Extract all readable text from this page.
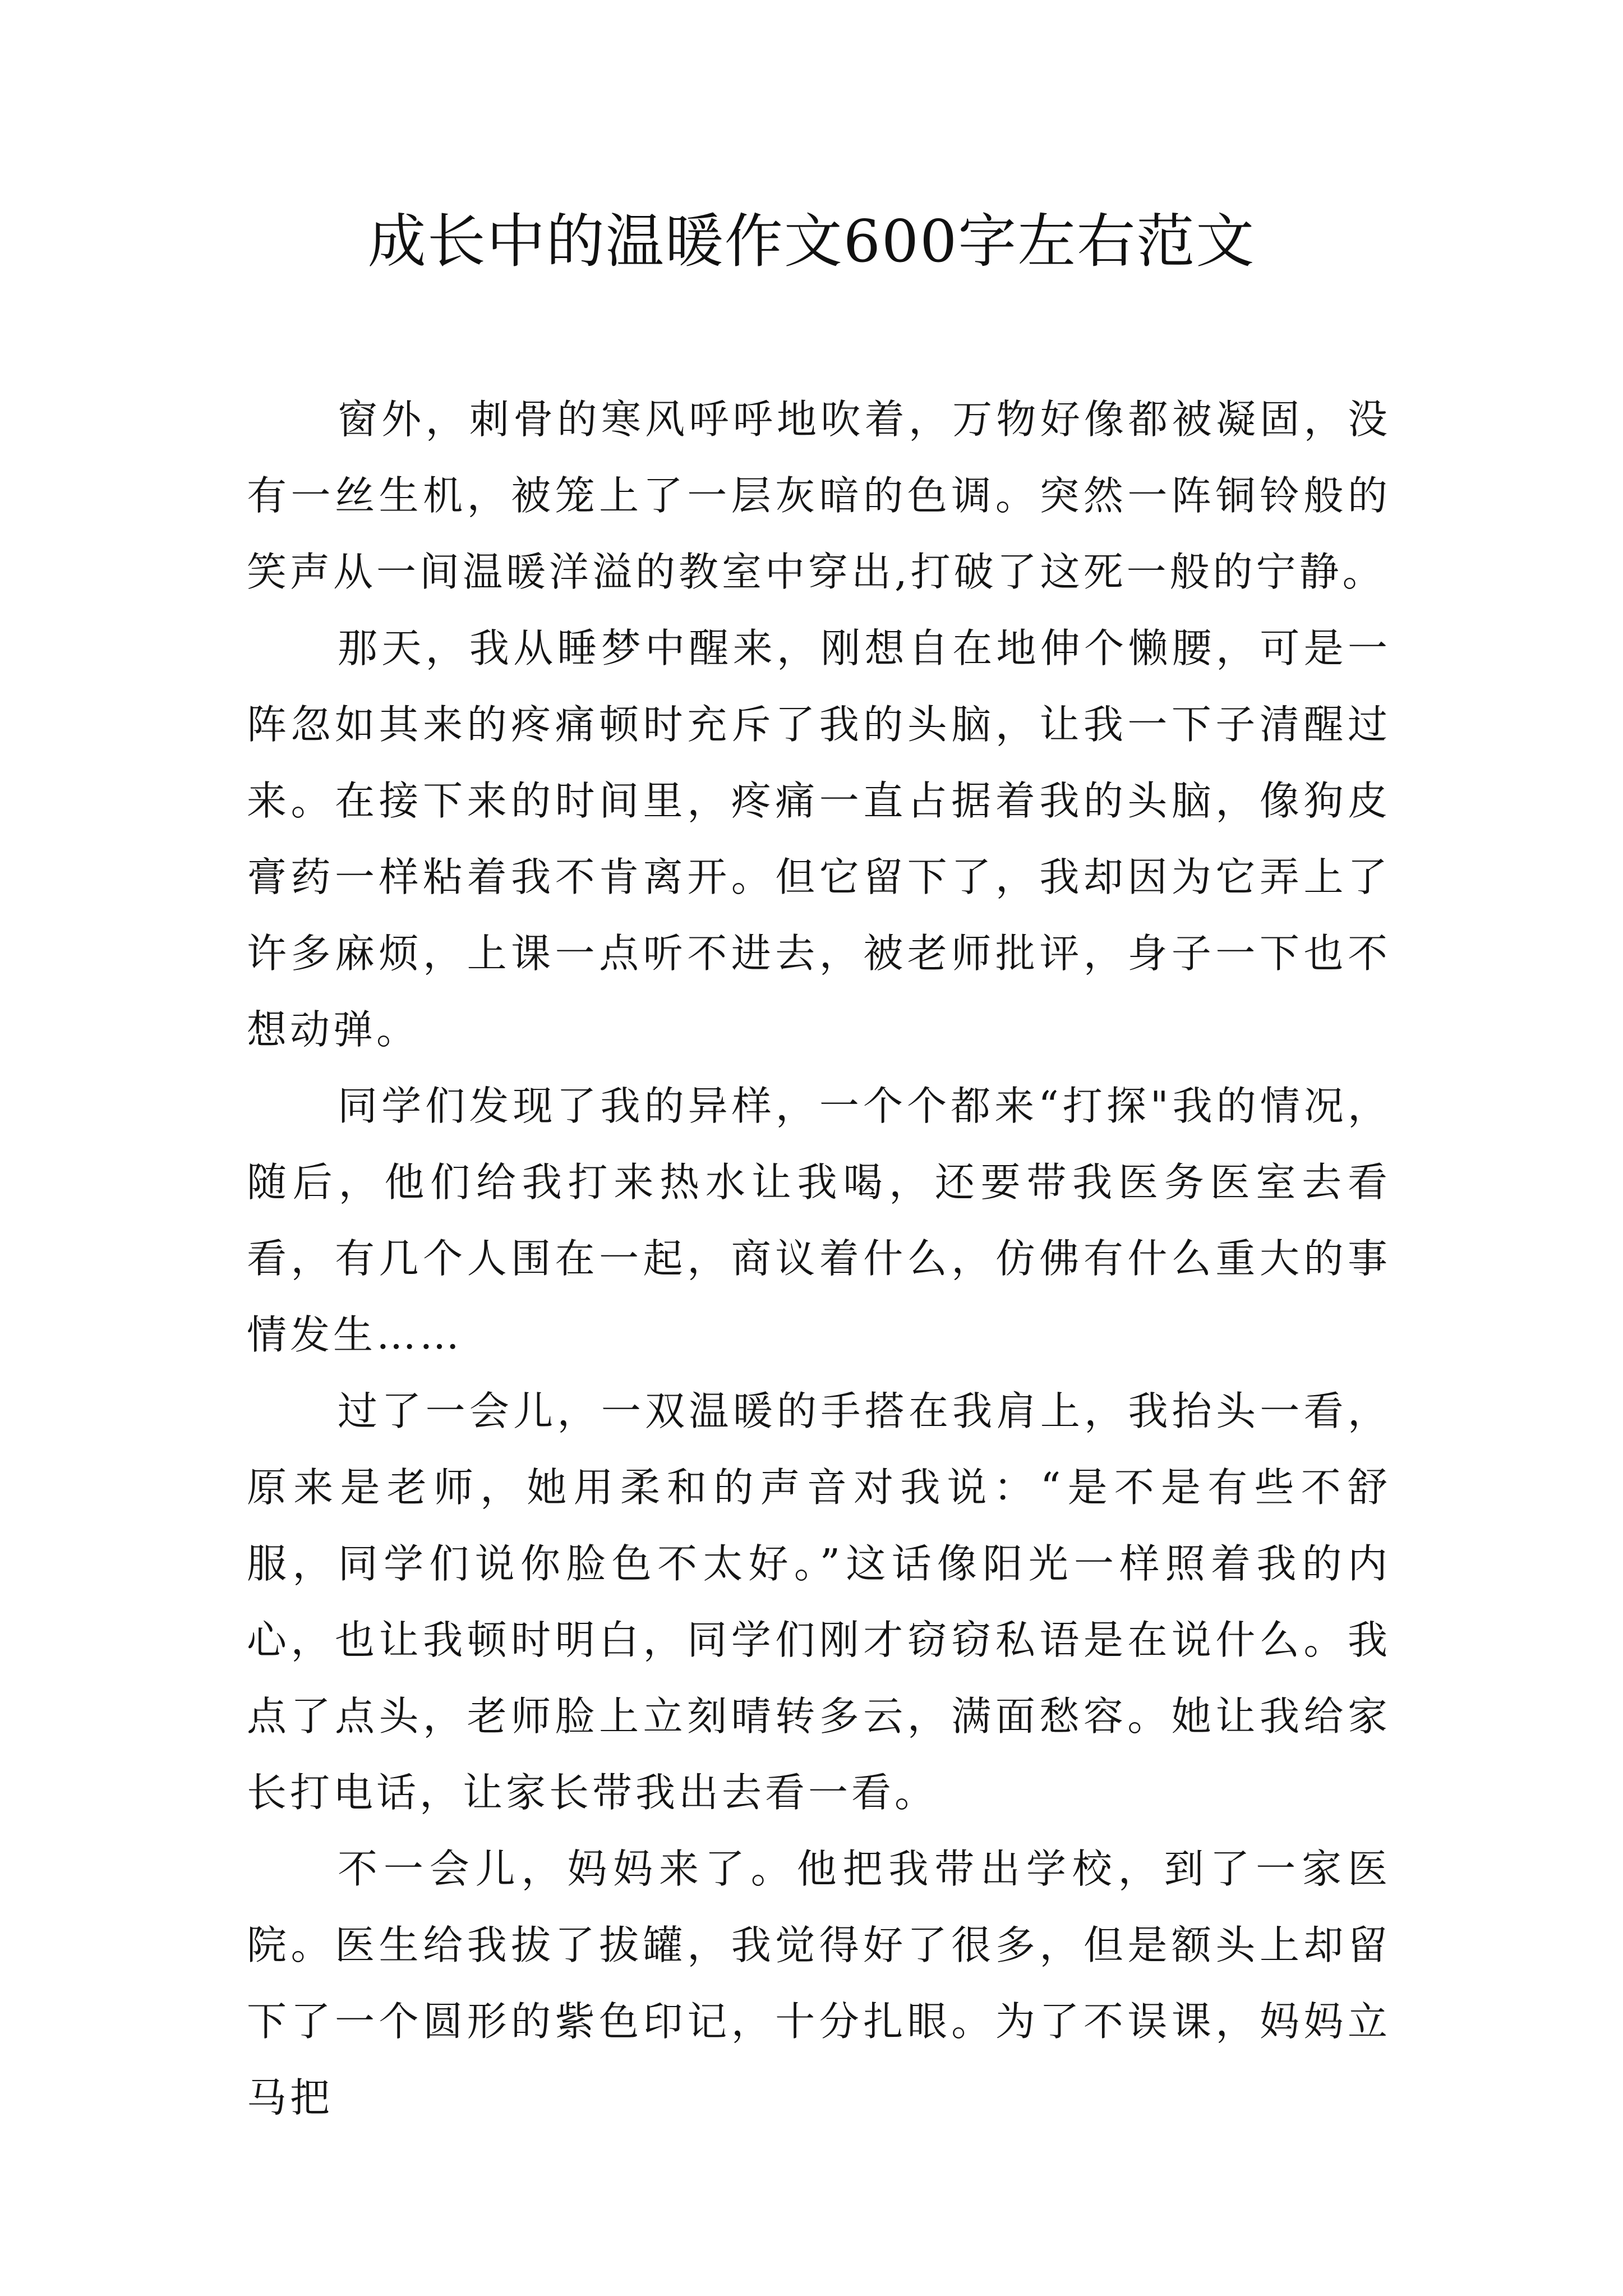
成长中的温暖作文600字左右范文

窗外，刺骨的寒风呼呼地吹着，万物好像都被凝固，没有一丝生机，被笼上了一层灰暗的色调。突然一阵铜铃般的笑声从一间温暖洋溢的教室中穿出,打破了这死一般的宁静。

那天，我从睡梦中醒来，刚想自在地伸个懒腰，可是一阵忽如其来的疼痛顿时充斥了我的头脑，让我一下子清醒过来。在接下来的时间里，疼痛一直占据着我的头脑，像狗皮膏药一样粘着我不肯离开。但它留下了，我却因为它弄上了许多麻烦，上课一点听不进去，被老师批评，身子一下也不想动弹。

同学们发现了我的异样，一个个都来“打探"我的情况，随后，他们给我打来热水让我喝，还要带我医务医室去看看，有几个人围在一起，商议着什么，仿佛有什么重大的事情发生……

过了一会儿，一双温暖的手搭在我肩上，我抬头一看，原来是老师，她用柔和的声音对我说：“是不是有些不舒服，同学们说你脸色不太好。”这话像阳光一样照着我的内心，也让我顿时明白，同学们刚才窃窃私语是在说什么。我点了点头，老师脸上立刻晴转多云，满面愁容。她让我给家长打电话，让家长带我出去看一看。

不一会儿，妈妈来了。他把我带出学校，到了一家医院。医生给我拔了拔罐，我觉得好了很多，但是额头上却留下了一个圆形的紫色印记，十分扎眼。为了不误课，妈妈立马把
